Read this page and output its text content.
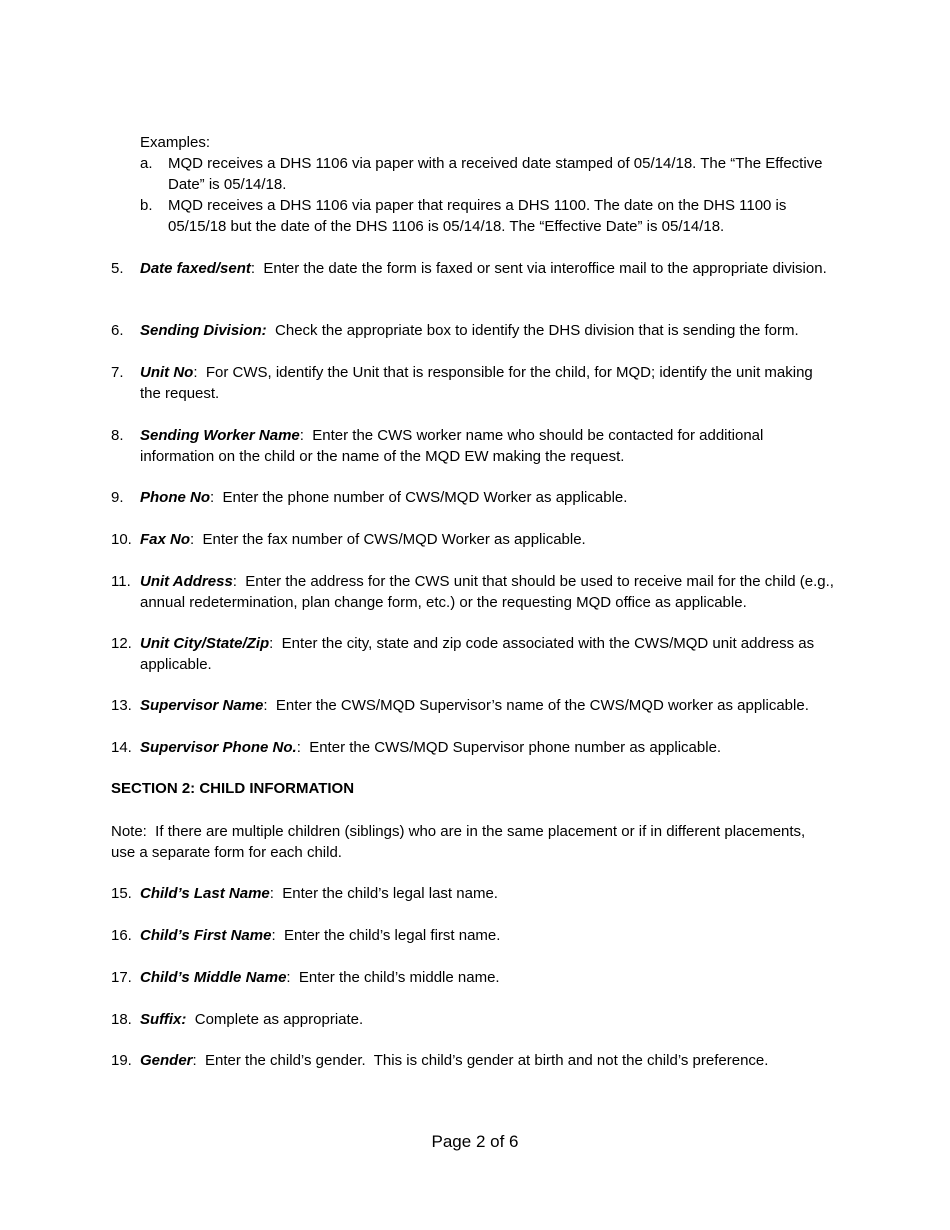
Examples:

a. MQD receives a DHS 1106 via paper with a received date stamped of 05/14/18. The “The Effective Date” is 05/14/18.
b. MQD receives a DHS 1106 via paper that requires a DHS 1100. The date on the DHS 1100 is 05/15/18 but the date of the DHS 1106 is 05/14/18. The “Effective Date” is 05/14/18.
5.	Date faxed/sent:  Enter the date the form is faxed or sent via interoffice mail to the appropriate division.
6.	Sending Division:  Check the appropriate box to identify the DHS division that is sending the form.
7.	Unit No:  For CWS, identify the Unit that is responsible for the child, for MQD; identify the unit making the request.
8.	Sending Worker Name:  Enter the CWS worker name who should be contacted for additional information on the child or the name of the MQD EW making the request.
9.	Phone No:  Enter the phone number of CWS/MQD Worker as applicable.
10. Fax No:  Enter the fax number of CWS/MQD Worker as applicable.
11. Unit Address:  Enter the address for the CWS unit that should be used to receive mail for the child (e.g., annual redetermination, plan change form, etc.) or the requesting MQD office as applicable.
12. Unit City/State/Zip:  Enter the city, state and zip code associated with the CWS/MQD unit address as applicable.
13. Supervisor Name:  Enter the CWS/MQD Supervisor’s name of the CWS/MQD worker as applicable.
14. Supervisor Phone No.:  Enter the CWS/MQD Supervisor phone number as applicable.
SECTION 2: CHILD INFORMATION
Note:  If there are multiple children (siblings) who are in the same placement or if in different placements, use a separate form for each child.
15. Child’s Last Name:  Enter the child’s legal last name.
16. Child’s First Name:  Enter the child’s legal first name.
17. Child’s Middle Name:  Enter the child’s middle name.
18. Suffix:  Complete as appropriate.
19. Gender:  Enter the child’s gender.  This is child’s gender at birth and not the child’s preference.
Page 2 of 6
